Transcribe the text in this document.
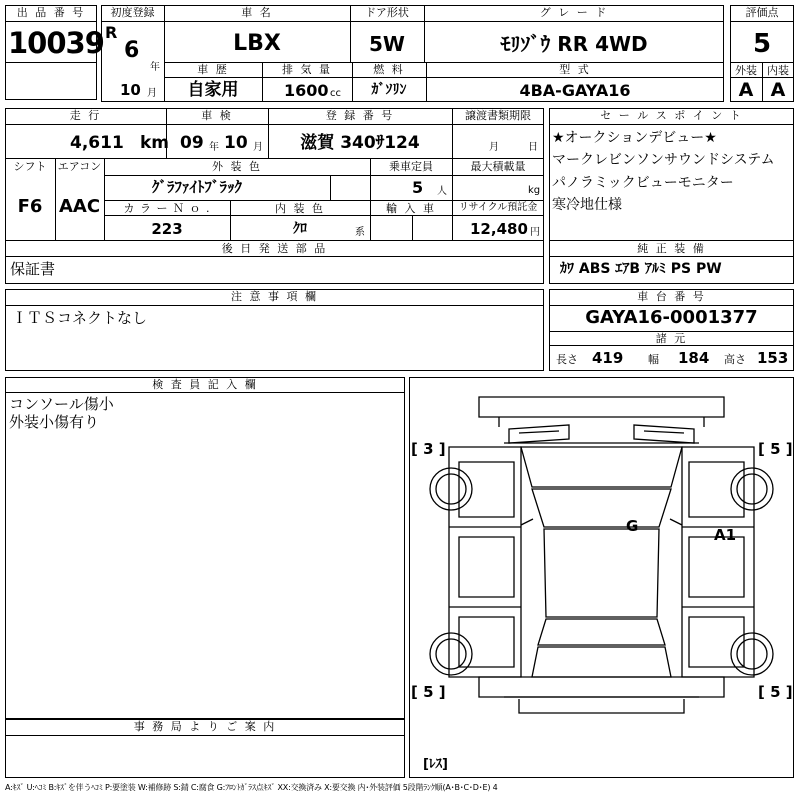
出 品 番 号
10039
初度登録
R
6
年
10 月
車 名
LBX
ドア形状
5W
グ レ ー ド
ﾓﾘｿﾞｳ RR 4WD
車 歴
自家用
排 気 量
1600 cc
燃 料
ｶﾞｿﾘﾝ
型 式
4BA-GAYA16
評価点
5
外装 内装
A A
走 行
4,611 km
車 検
09 年 10 月
登 録 番 号
滋賀 340ｻ124
譲渡書類期限
月	日
シフト
F6
エアコン
AAC
外 装 色
ｸﾞﾗﾌｧｲﾄﾌﾞﾗｯｸ
乗車定員
5 人
最大積載量
kg
カ ラ ー Ｎ ｏ .
223
内 装 色
ｸﾛ	系
輸 入 車	リサイクル預託金
12,480 円
後 日 発 送 部 品
保証書
セ ー ル ス ポ イ ン ト
★オークションデビュー★
マークレビンソンサウンドシステム
パノラミックビューモニター
寒冷地仕様
純 正 装 備
ｶﾜ ABS ｴｱB ｱﾙﾐ PS PW
注 意 事 項 欄
ＩＴＳコネクトなし
車 台 番 号
GAYA16-0001377
諸 元
長さ 419 幅 184 高さ 153
検 査 員 記 入 欄
コンソール傷小
外装小傷有り
事 務 局 よ り ご 案 内
[ 3 ]	[ 5 ]
[ 5 ]	[ 5 ]
[ﾚｽ]
G	A1
A:ｷｽﾞ U:ﾍｺﾐ B:ｷｽﾞを伴うﾍｺﾐ P:要塗装 W:補修跡 S:錆 C:腐食 G:ﾌﾛﾝﾄｶﾞﾗｽ点ｷｽﾞ XX:交換済み X:要交換 内･外装評価 5段階ﾗﾝｸ順(A･B･C･D･E) 4
